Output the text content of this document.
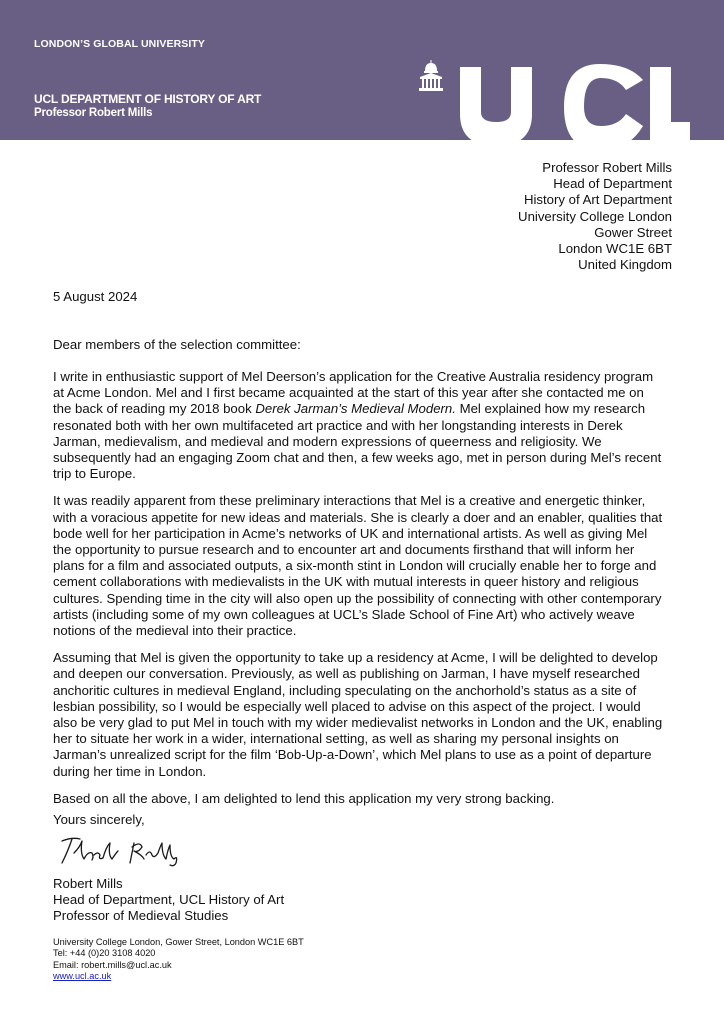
LONDON’S GLOBAL UNIVERSITY
UCL DEPARTMENT OF HISTORY OF ART
Professor Robert Mills
Professor Robert Mills
Head of Department
History of Art Department
University College London
Gower Street
London WC1E 6BT
United Kingdom
5 August 2024
Dear members of the selection committee:

I write in enthusiastic support of Mel Deerson’s application for the Creative Australia residency program
at Acme London. Mel and I first became acquainted at the start of this year after she contacted me on
the back of reading my 2018 book Derek Jarman’s Medieval Modern. Mel explained how my research
resonated both with her own multifaceted art practice and with her longstanding interests in Derek
Jarman, medievalism, and medieval and modern expressions of queerness and religiosity. We
subsequently had an engaging Zoom chat and then, a few weeks ago, met in person during Mel’s recent
trip to Europe.

It was readily apparent from these preliminary interactions that Mel is a creative and energetic thinker,
with a voracious appetite for new ideas and materials. She is clearly a doer and an enabler, qualities that
bode well for her participation in Acme’s networks of UK and international artists. As well as giving Mel
the opportunity to pursue research and to encounter art and documents firsthand that will inform her
plans for a film and associated outputs, a six-month stint in London will crucially enable her to forge and
cement collaborations with medievalists in the UK with mutual interests in queer history and religious
cultures. Spending time in the city will also open up the possibility of connecting with other contemporary
artists (including some of my own colleagues at UCL’s Slade School of Fine Art) who actively weave
notions of the medieval into their practice.

Assuming that Mel is given the opportunity to take up a residency at Acme, I will be delighted to develop
and deepen our conversation. Previously, as well as publishing on Jarman, I have myself researched
anchoritic cultures in medieval England, including speculating on the anchorhold’s status as a site of
lesbian possibility, so I would be especially well placed to advise on this aspect of the project. I would
also be very glad to put Mel in touch with my wider medievalist networks in London and the UK, enabling
her to situate her work in a wider, international setting, as well as sharing my personal insights on
Jarman’s unrealized script for the film ‘Bob-Up-a-Down’, which Mel plans to use as a point of departure
during her time in London.

Based on all the above, I am delighted to lend this application my very strong backing.

Yours sincerely,
Robert Mills
Head of Department, UCL History of Art
Professor of Medieval Studies
University College London, Gower Street, London WC1E 6BT
Tel: +44 (0)20 3108 4020
Email: robert.mills@ucl.ac.uk
www.ucl.ac.uk
